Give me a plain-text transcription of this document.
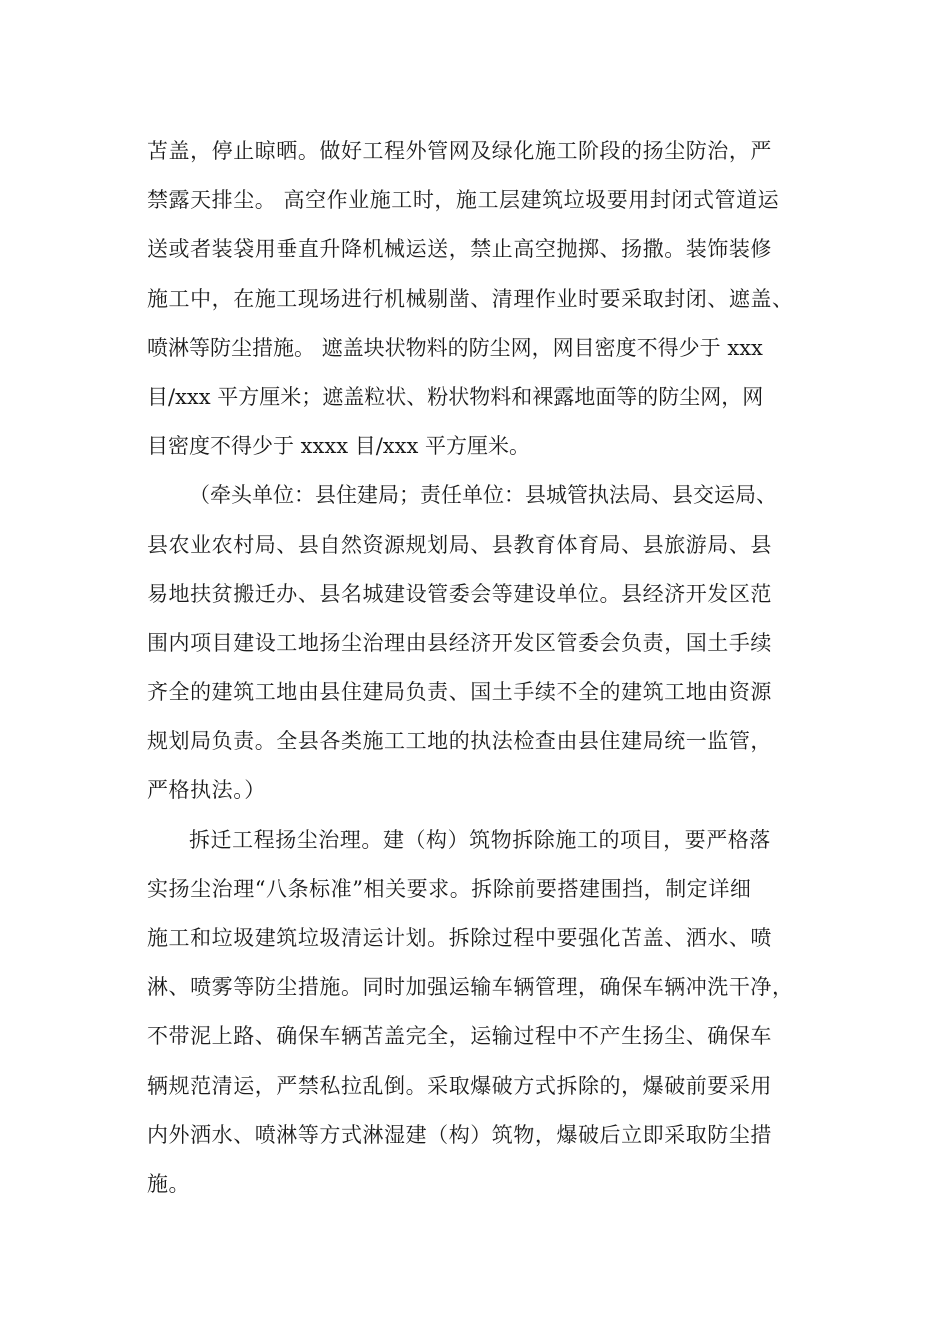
苫盖，停止晾晒。做好工程外管网及绿化施工阶段的扬尘防治，严
禁露天排尘。 高空作业施工时，施工层建筑垃圾要用封闭式管道运
送或者装袋用垂直升降机械运送，禁止高空抛掷、扬撒。装饰装修
施工中，在施工现场进行机械剔凿、清理作业时要采取封闭、遮盖、
喷淋等防尘措施。 遮盖块状物料的防尘网，网目密度不得少于 xxx
目/xxx 平方厘米；遮盖粒状、粉状物料和裸露地面等的防尘网，网
目密度不得少于 xxxx 目/xxx 平方厘米。
（牵头单位：县住建局；责任单位：县城管执法局、县交运局、
县农业农村局、县自然资源规划局、县教育体育局、县旅游局、县
易地扶贫搬迁办、县名城建设管委会等建设单位。县经济开发区范
围内项目建设工地扬尘治理由县经济开发区管委会负责，国土手续
齐全的建筑工地由县住建局负责、国土手续不全的建筑工地由资源
规划局负责。全县各类施工工地的执法检查由县住建局统一监管，
严格执法。）
拆迁工程扬尘治理。建（构）筑物拆除施工的项目，要严格落
实扬尘治理“八条标准”相关要求。拆除前要搭建围挡，制定详细
施工和垃圾建筑垃圾清运计划。拆除过程中要强化苫盖、洒水、喷
淋、喷雾等防尘措施。同时加强运输车辆管理，确保车辆冲洗干净，
不带泥上路、确保车辆苫盖完全，运输过程中不产生扬尘、确保车
辆规范清运，严禁私拉乱倒。采取爆破方式拆除的，爆破前要采用
内外洒水、喷淋等方式淋湿建（构）筑物，爆破后立即采取防尘措
施。
